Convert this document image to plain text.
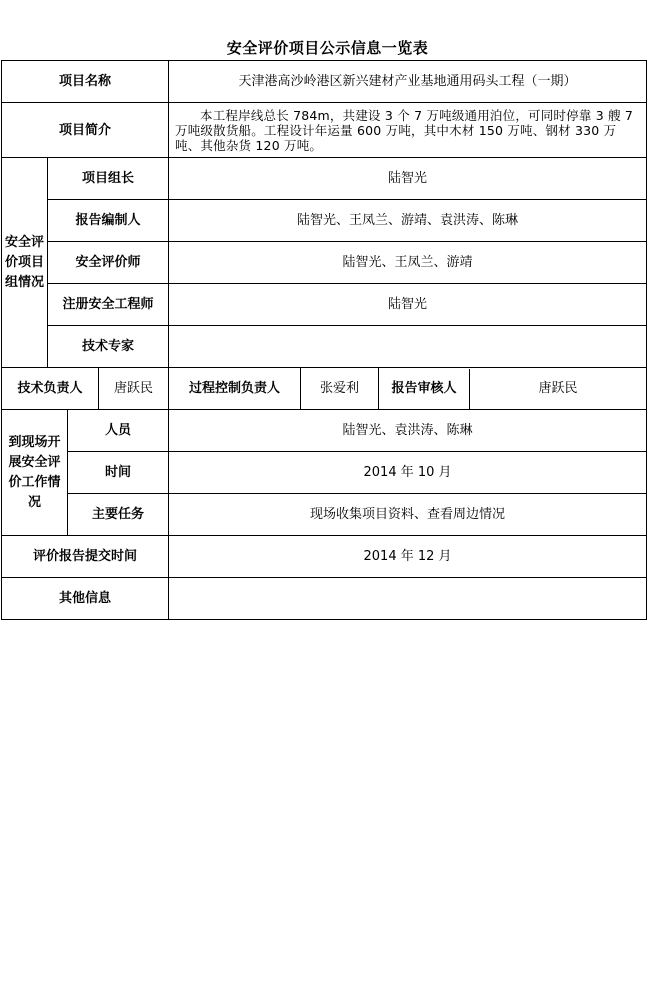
安全评价项目公示信息一览表
项目名称				天津港高沙岭港区新兴建材产业基地通用码头工程（一期）		
项目简介				本工程岸线总长 784m，共建设 3 个 7 万吨级通用泊位，可同时停靠 3 艘 7 万吨级散货船。工程设计年运量 600 万吨，其中木材 150 万吨、钢材 330 万吨、其他杂货 120 万吨。		
安全评价项目组情况	项目组长			陆智光		
	报告编制人			陆智光、王凤兰、游靖、袁洪涛、陈琳		
	安全评价师			陆智光、王凤兰、游靖		
	注册安全工程师			陆智光		
	技术专家					
技术负责人			唐跃民	过程控制负责人	张爱利	报告审核人 唐跃民

到现场开展安全评价工作情况		人员		陆智光、袁洪涛、陈琳		
		时间		2014 年 10 月		
		主要任务		现场收集项目资料、查看周边情况		
评价报告提交时间				2014 年 12 月		
其他信息						
